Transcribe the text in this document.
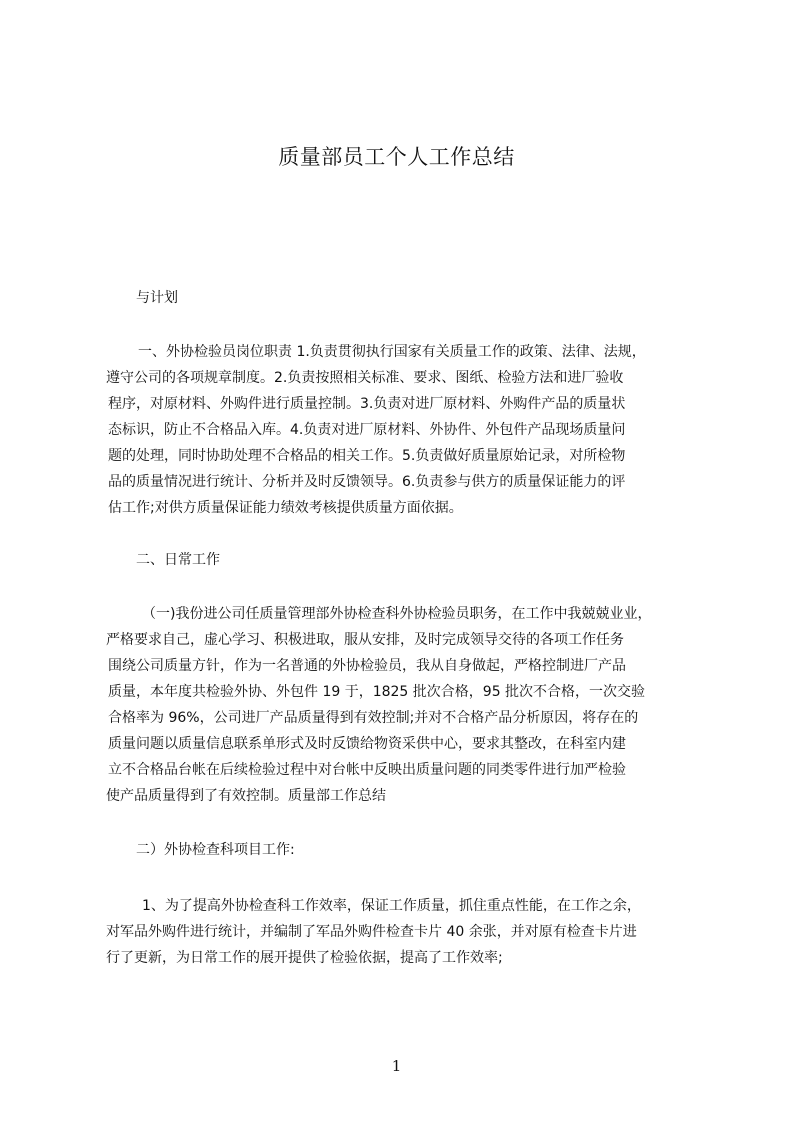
质量部员工个人工作总结

与计划

一、外协检验员岗位职责 1.负责贯彻执行国家有关质量工作的政策、法律、法规，
遵守公司的各项规章制度。2.负责按照相关标准、要求、图纸、检验方法和进厂验收
程序，对原材料、外购件进行质量控制。3.负责对进厂原材料、外购件产品的质量状
态标识，防止不合格品入库。4.负责对进厂原材料、外协件、外包件产品现场质量问
题的处理，同时协助处理不合格品的相关工作。5.负责做好质量原始记录，对所检物
品的质量情况进行统计、分析并及时反馈领导。6.负责参与供方的质量保证能力的评
估工作;对供方质量保证能力绩效考核提供质量方面依据。

二、日常工作

（一)我份进公司任质量管理部外协检查科外协检验员职务，在工作中我兢兢业业，
严格要求自己，虚心学习、积极进取，服从安排，及时完成领导交待的各项工作任务
围绕公司质量方针，作为一名普通的外协检验员，我从自身做起，严格控制进厂产品
质量，本年度共检验外协、外包件 19 于，1825 批次合格，95 批次不合格，一次交验
合格率为 96%，公司进厂产品质量得到有效控制;并对不合格产品分析原因，将存在的
质量问题以质量信息联系单形式及时反馈给物资采供中心，要求其整改，在科室内建
立不合格品台帐在后续检验过程中对台帐中反映出质量问题的同类零件进行加严检验
使产品质量得到了有效控制。质量部工作总结

二）外协检查科项目工作:

1、为了提高外协检查科工作效率，保证工作质量，抓住重点性能，在工作之余，
对军品外购件进行统计，并编制了军品外购件检查卡片 40 余张，并对原有检查卡片进
行了更新，为日常工作的展开提供了检验依据，提高了工作效率;
1
